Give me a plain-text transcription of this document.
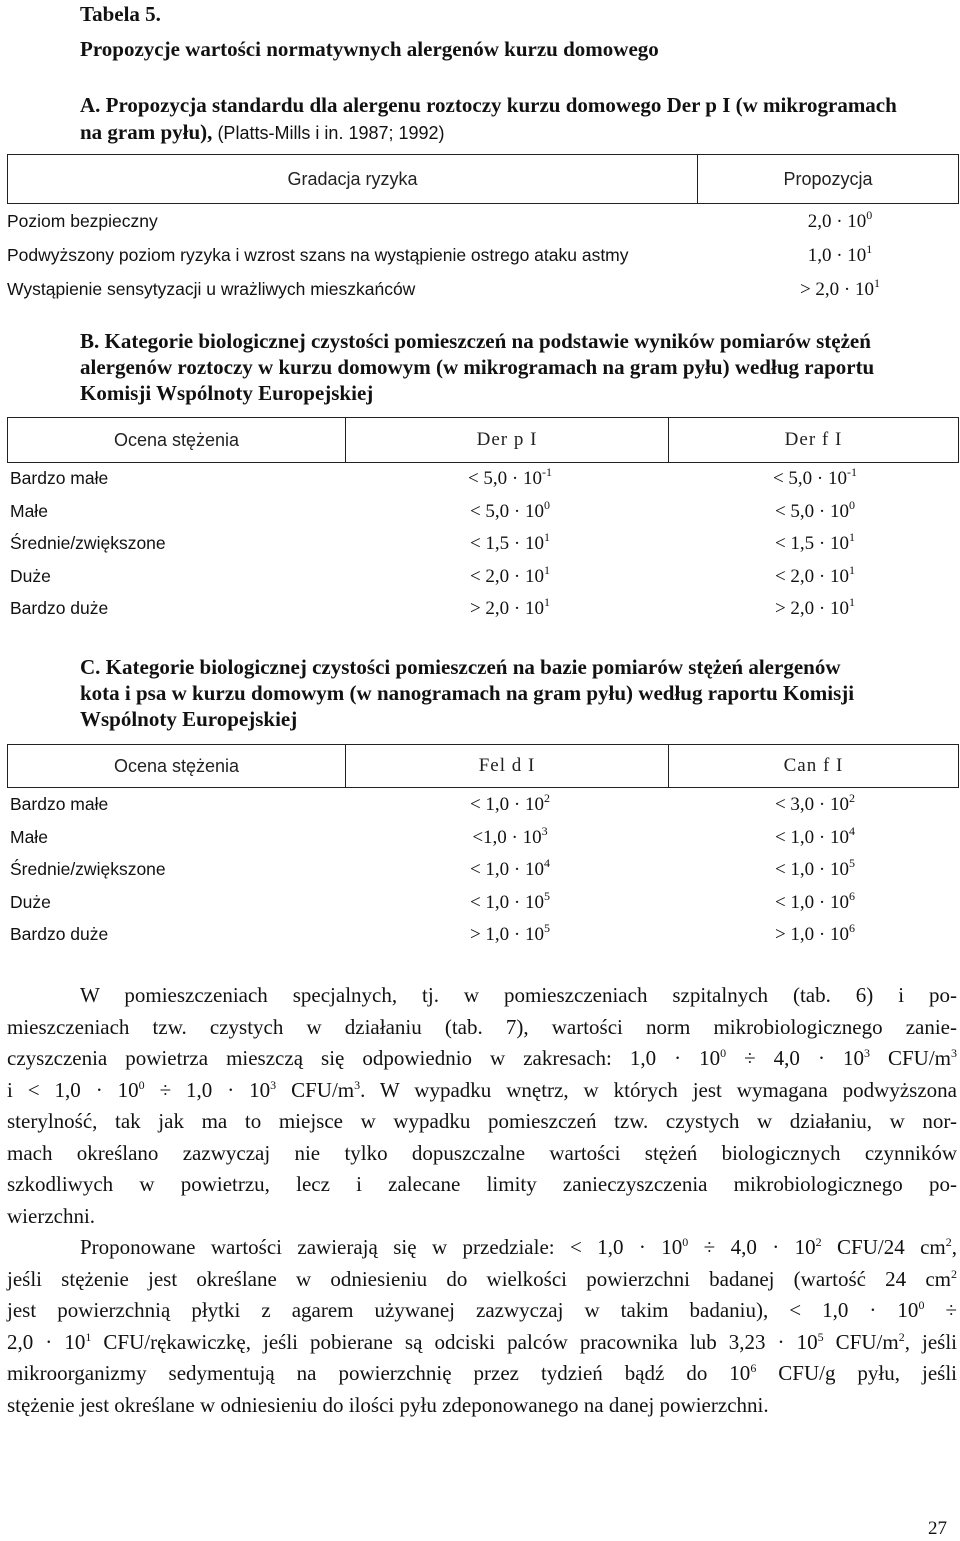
Tabela 5.
Propozycje wartości normatywnych alergenów kurzu domowego
A. Propozycja standardu dla alergenu roztoczy kurzu domowego Der p I (w mikrogramach
na gram pyłu), (Platts-Mills i in. 1987; 1992)
Gradacja ryzyka	Propozycja
Poziom bezpieczny	$2,0 \cdot 10^0$
Podwyższony poziom ryzyka i wzrost szans na wystąpienie ostrego ataku astmy	$1,0 \cdot 10^1$
Wystąpienie sensytyzacji u wrażliwych mieszkańców	> $2,0 \cdot 10^1$
B. Kategorie biologicznej czystości pomieszczeń na podstawie wyników pomiarów stężeń
alergenów roztoczy w kurzu domowym (w mikrogramach na gram pyłu) według raportu
Komisji Wspólnoty Europejskiej
Ocena stężenia	Der p I	Der f I
Bardzo małe	< $5,0 \cdot 10^{-1}$	< $5,0 \cdot 10^{-1}$
Małe	< $5,0 \cdot 10^0$	< $5,0 \cdot 10^0$
Średnie/zwiększone	< $1,5 \cdot 10^1$	< $1,5 \cdot 10^1$
Duże	< $2,0 \cdot 10^1$	< $2,0 \cdot 10^1$
Bardzo duże	> $2,0 \cdot 10^1$	> $2,0 \cdot 10^1$
C. Kategorie biologicznej czystości pomieszczeń na bazie pomiarów stężeń alergenów
kota i psa w kurzu domowym (w nanogramach na gram pyłu) według raportu Komisji
Wspólnoty Europejskiej
Ocena stężenia	Fel d I	Can f I
Bardzo małe	< $1,0 \cdot 10^2$	< $3,0 \cdot 10^2$
Małe	$<1,0 \cdot 10^3$	< $1,0 \cdot 10^4$
Średnie/zwiększone	< $1,0 \cdot 10^4$	< $1,0 \cdot 10^5$
Duże	< $1,0 \cdot 10^5$	< $1,0 \cdot 10^6$
Bardzo duże	> $1,0 \cdot 10^5$	> $1,0 \cdot 10^6$
W pomieszczeniach specjalnych, tj. w pomieszczeniach szpitalnych (tab. 6) i po-
mieszczeniach tzw. czystych w działaniu (tab. 7), wartości norm mikrobiologicznego zanie-
czyszczenia powietrza mieszczą się odpowiednio w zakresach: $1,0 \cdot 10^0 \div 4,0 \cdot 10^3$ CFU/$m^3$
$i < 1,0 \cdot 10^0 \div 1,0 \cdot 10^3$ CFU/$m^3$. W wypadku wnętrz, w których jest wymagana podwyższona
sterylność, tak jak ma to miejsce w wypadku pomieszczeń tzw. czystych w działaniu, w nor-
mach określano zazwyczaj nie tylko dopuszczalne wartości stężeń biologicznych czynników
szkodliwych w powietrzu, lecz i zalecane limity zanieczyszczenia mikrobiologicznego po-
wierzchni.
Proponowane wartości zawierają się w przedziale: < $1,0 \cdot 10^0 \div 4,0 \cdot 10^2$ CFU/24 $cm^2$,
jeśli stężenie jest określane w odniesieniu do wielkości powierzchni badanej (wartość 24 $cm^2$
jest powierzchnią płytki z agarem używanej zazwyczaj w takim badaniu), < $1,0 \cdot 10^0$ ÷
$2,0 \cdot 10^1$ CFU/rękawiczkę, jeśli pobierane są odciski palców pracownika lub $3,23 \cdot 10^5$ CFU/$m^2$, jeśli
mikroorganizmy sedymentują na powierzchnię przez tydzień bądź do $10^6$ CFU/g pyłu, jeśli
stężenie jest określane w odniesieniu do ilości pyłu zdeponowanego na danej powierzchni.
27
